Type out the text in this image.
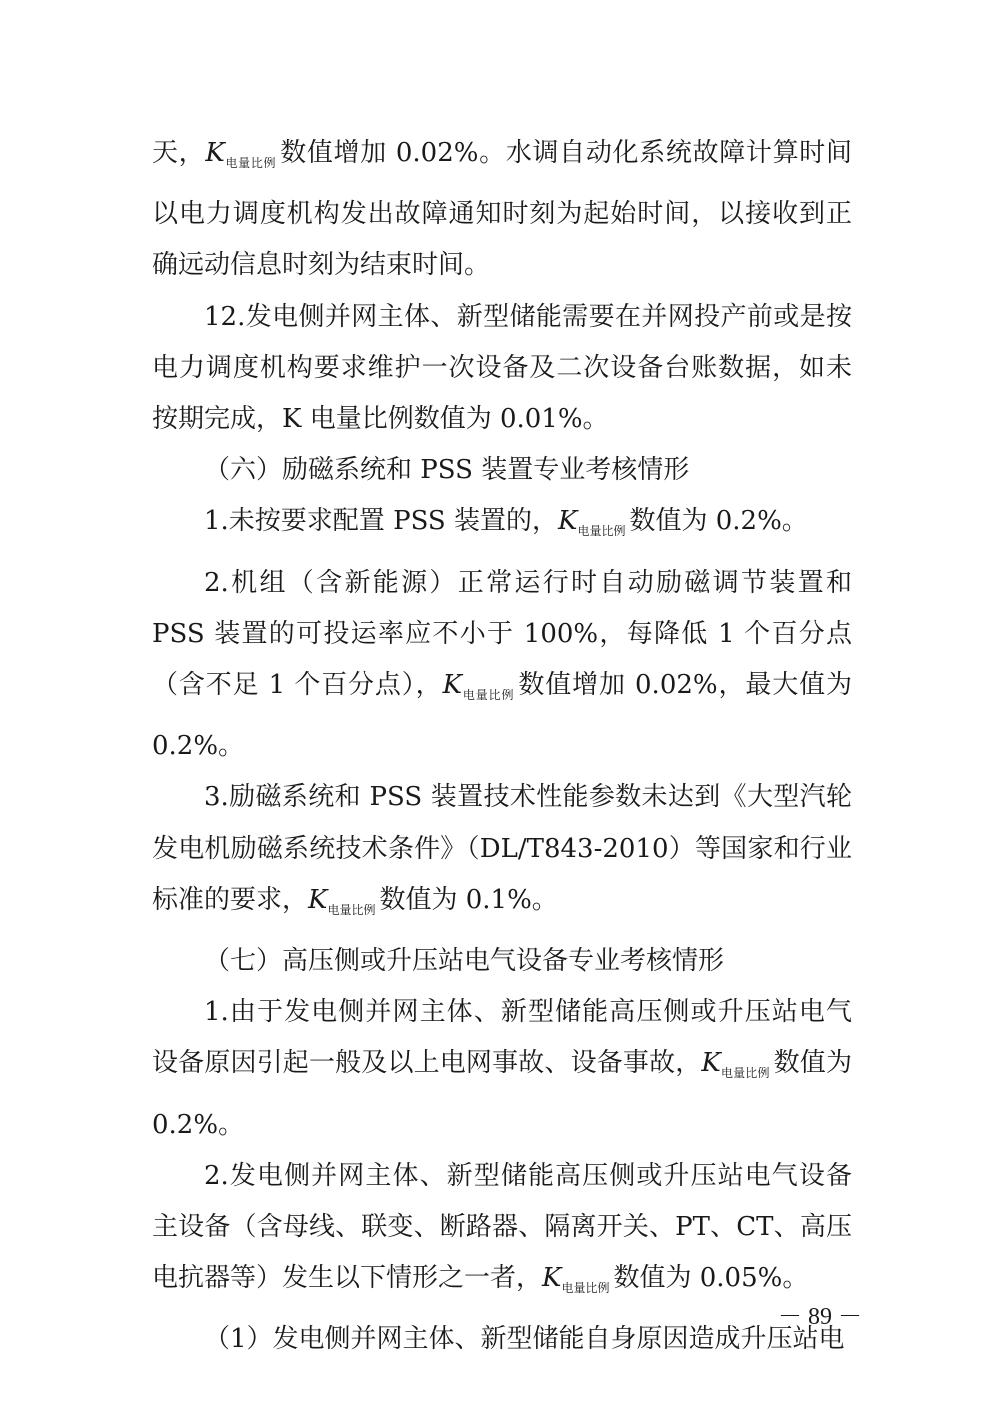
天，$K_{电量比例}$ 数值增加 0.02%。水调自动化系统故障计算时间以电力调度机构发出故障通知时刻为起始时间，以接收到正确远动信息时刻为结束时间。

12.发电侧并网主体、新型储能需要在并网投产前或是按电力调度机构要求维护一次设备及二次设备台账数据，如未按期完成，K 电量比例数值为 0.01%。

（六）励磁系统和 PSS 装置专业考核情形

1.未按要求配置 PSS 装置的，$K_{电量比例}$ 数值为 0.2%。

2.机组（含新能源）正常运行时自动励磁调节装置和 PSS 装置的可投运率应不小于 100%，每降低 1 个百分点（含不足 1 个百分点），$K_{电量比例}$ 数值增加 0.02%，最大值为 0.2%。

3.励磁系统和 PSS 装置技术性能参数未达到《大型汽轮发电机励磁系统技术条件》（DL/T843-2010）等国家和行业标准的要求，$K_{电量比例}$ 数值为 0.1%。

（七）高压侧或升压站电气设备专业考核情形

1.由于发电侧并网主体、新型储能高压侧或升压站电气设备原因引起一般及以上电网事故、设备事故，$K_{电量比例}$ 数值为 0.2%。

2.发电侧并网主体、新型储能高压侧或升压站电气设备主设备（含母线、联变、断路器、隔离开关、PT、CT、高压电抗器等）发生以下情形之一者，$K_{电量比例}$ 数值为 0.05%。

（1）发电侧并网主体、新型储能自身原因造成升压站电

－ 89 －
